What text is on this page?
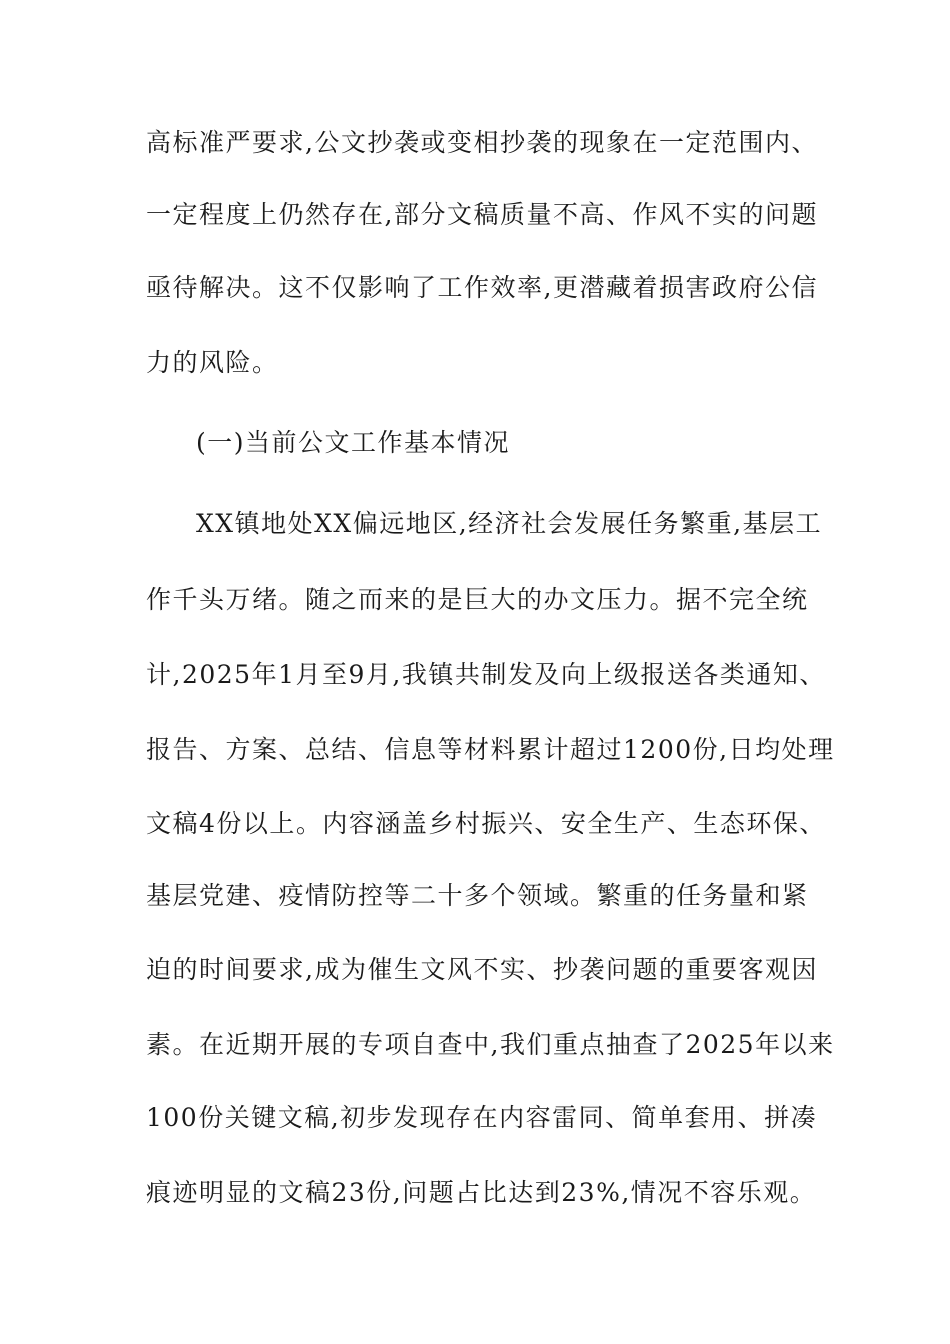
高标准严要求,公文抄袭或变相抄袭的现象在一定范围内、
一定程度上仍然存在,部分文稿质量不高、作风不实的问题
亟待解决。这不仅影响了工作效率,更潜藏着损害政府公信
力的风险。
(一)当前公文工作基本情况
XX镇地处XX偏远地区,经济社会发展任务繁重,基层工
作千头万绪。随之而来的是巨大的办文压力。据不完全统
计,2025年1月至9月,我镇共制发及向上级报送各类通知、
报告、方案、总结、信息等材料累计超过1200份,日均处理
文稿4份以上。内容涵盖乡村振兴、安全生产、生态环保、
基层党建、疫情防控等二十多个领域。繁重的任务量和紧
迫的时间要求,成为催生文风不实、抄袭问题的重要客观因
素。在近期开展的专项自查中,我们重点抽查了2025年以来
100份关键文稿,初步发现存在内容雷同、简单套用、拼凑
痕迹明显的文稿23份,问题占比达到23%,情况不容乐观。
